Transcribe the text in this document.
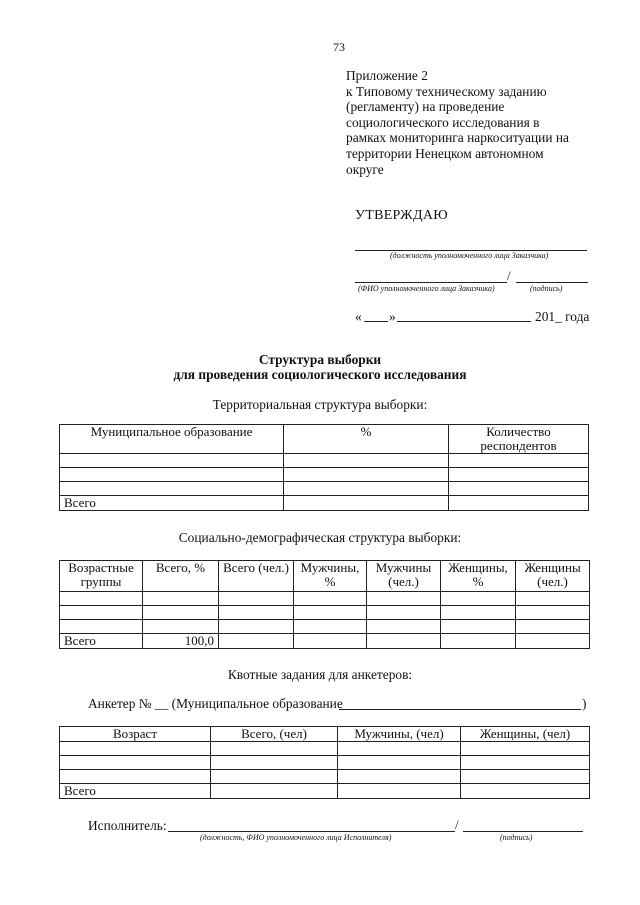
73
Приложение 2
к Типовому техническому заданию
(регламенту) на проведение
социологического исследования в
рамках мониторинга наркоситуации на
территории Ненецком автономном
округе
УТВЕРЖДАЮ
(должность уполномоченного лица Заказчика)
/
(ФИО уполномоченного лица Заказчика)	(подпись)
« »	201_ года
Структура выборки
для проведения социологического исследования
Территориальная структура выборки:
Муниципальное образование	%	Количество респондентов

Всего		
Социально-демографическая структура выборки:
Возрастные группы	Всего, %	Всего (чел.)	Мужчины, %	Мужчины (чел.)	Женщины, %	Женщины (чел.)

Всего	100,0					
Квотные задания для анкетеров:
Анкетер № __ (Муниципальное образование	)
Возраст	Всего, (чел)	Мужчины, (чел)	Женщины, (чел)

Всего			
Исполнитель:	/
(должность, ФИО уполномоченного лица Исполнителя)	(подпись)
